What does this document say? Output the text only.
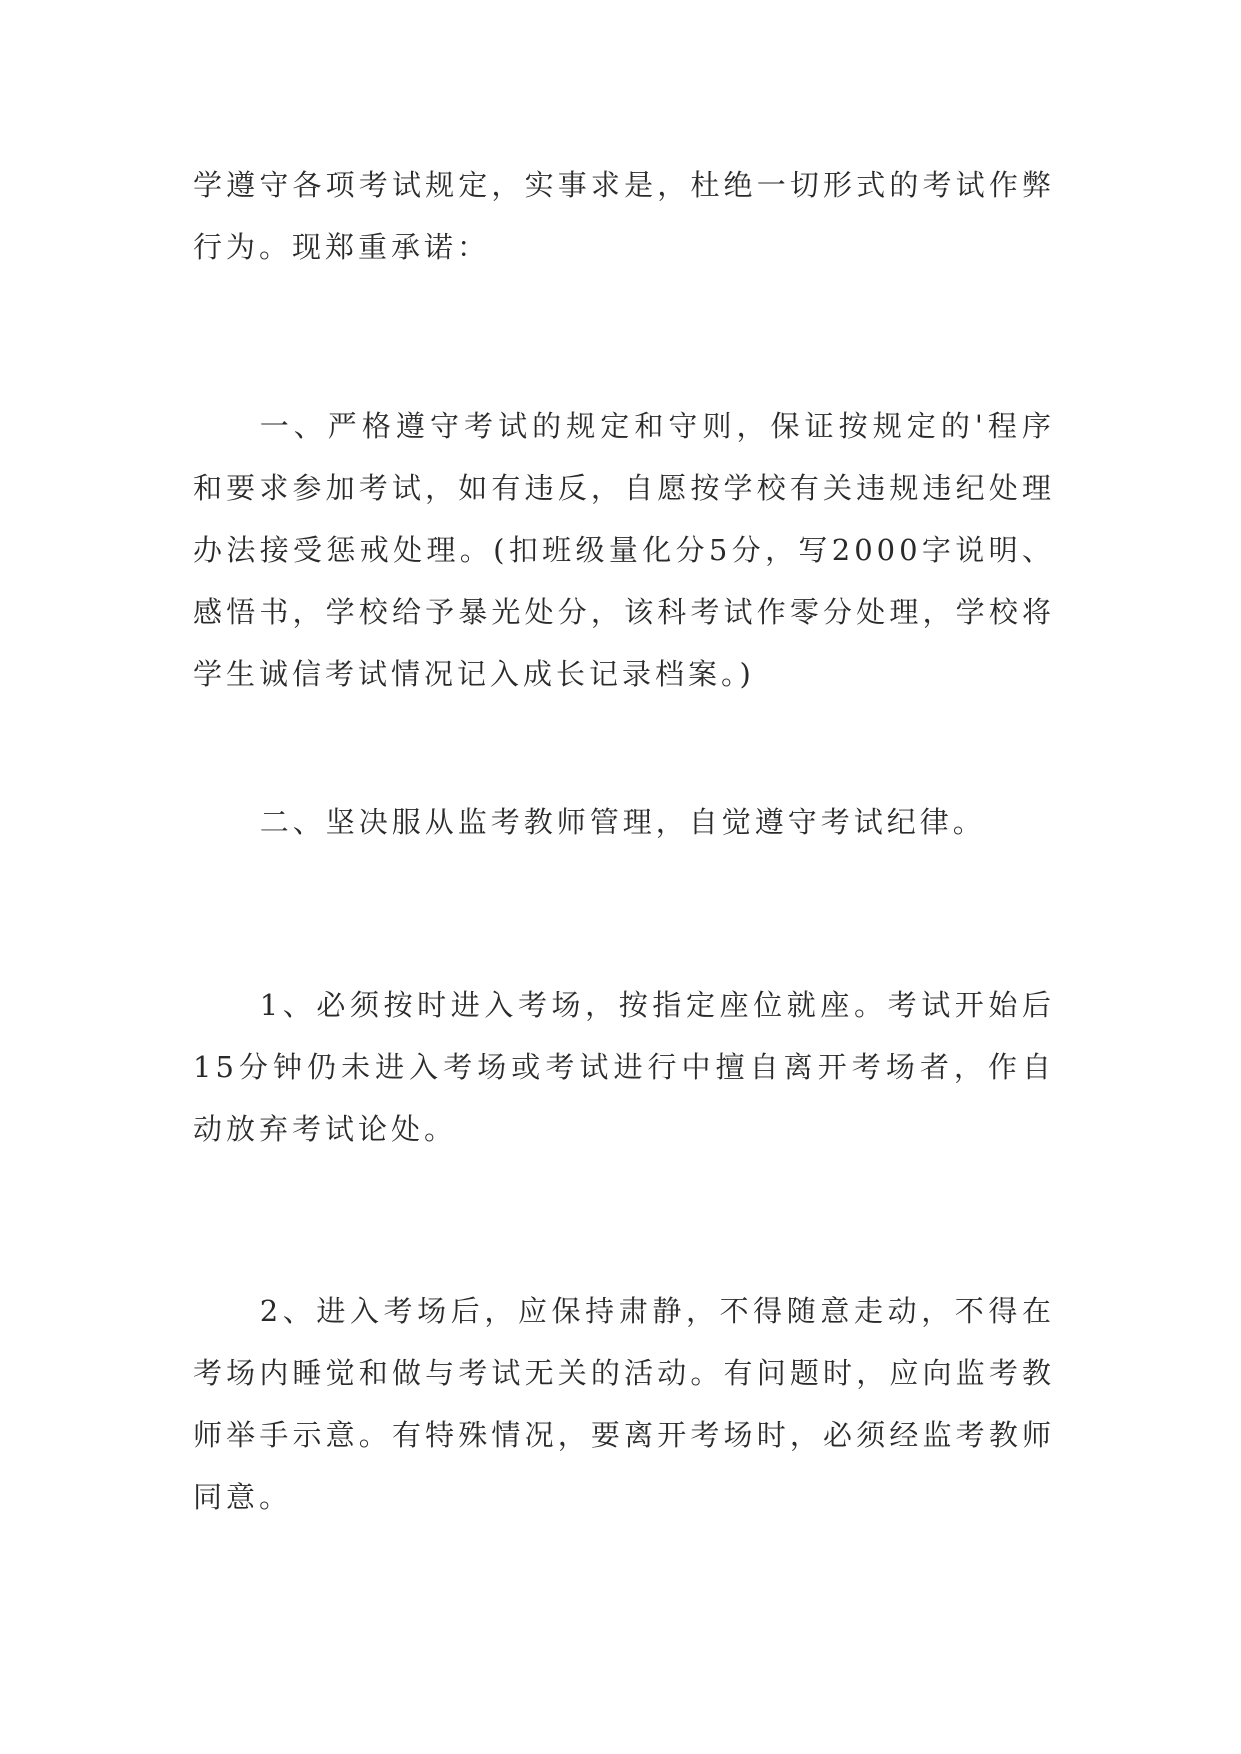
学遵守各项考试规定，实事求是，杜绝一切形式的考试作弊行为。现郑重承诺：

一、严格遵守考试的规定和守则，保证按规定的'程序和要求参加考试，如有违反，自愿按学校有关违规违纪处理办法接受惩戒处理。(扣班级量化分5分，写2000字说明、感悟书，学校给予暴光处分，该科考试作零分处理，学校将学生诚信考试情况记入成长记录档案。)

二、坚决服从监考教师管理，自觉遵守考试纪律。

1、必须按时进入考场，按指定座位就座。考试开始后15分钟仍未进入考场或考试进行中擅自离开考场者，作自动放弃考试论处。

2、进入考场后，应保持肃静，不得随意走动，不得在考场内睡觉和做与考试无关的活动。有问题时，应向监考教师举手示意。有特殊情况，要离开考场时，必须经监考教师同意。
